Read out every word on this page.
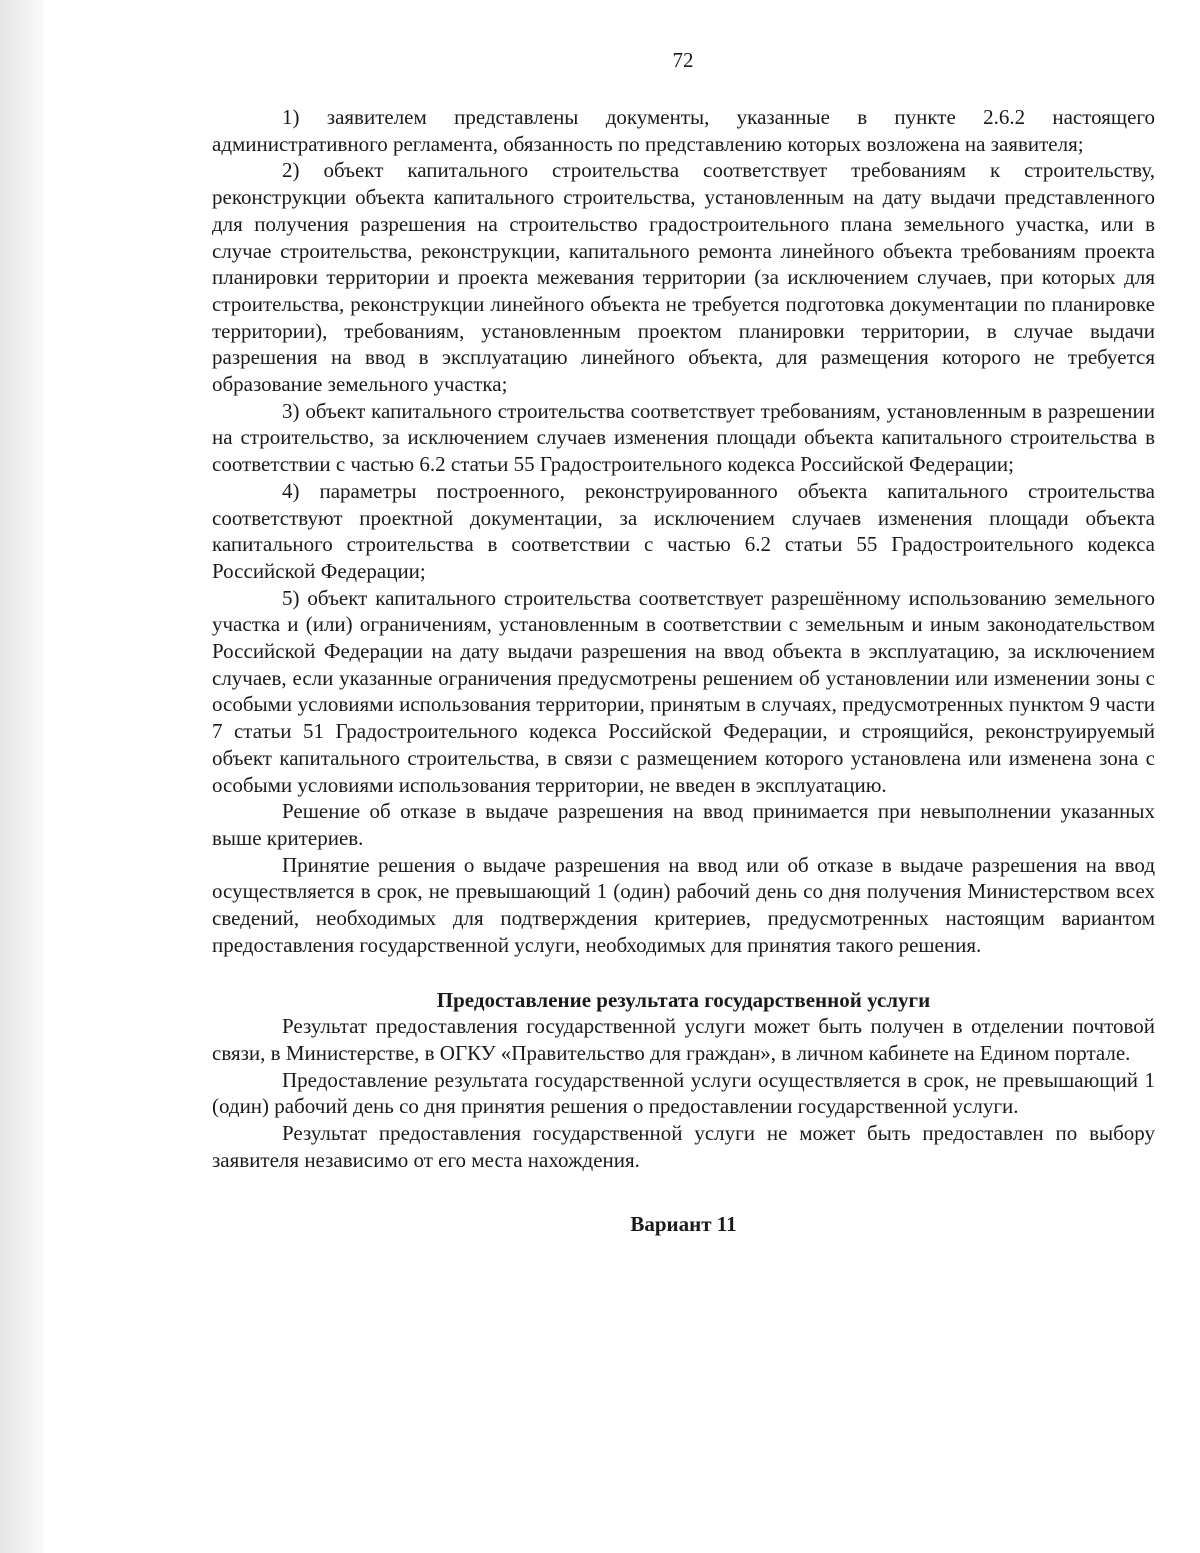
72

1) заявителем представлены документы, указанные в пункте 2.6.2 настоящего административного регламента, обязанность по представлению которых возложена на заявителя;

2) объект капитального строительства соответствует требованиям к строительству, реконструкции объекта капитального строительства, установленным на дату выдачи представленного для получения разрешения на строительство градостроительного плана земельного участка, или в случае строительства, реконструкции, капитального ремонта линейного объекта требованиям проекта планировки территории и проекта межевания территории (за исключением случаев, при которых для строительства, реконструкции линейного объекта не требуется подготовка документации по планировке территории), требованиям, установленным проектом планировки территории, в случае выдачи разрешения на ввод в эксплуатацию линейного объекта, для размещения которого не требуется образование земельного участка;

3) объект капитального строительства соответствует требованиям, установленным в разрешении на строительство, за исключением случаев изменения площади объекта капитального строительства в соответствии с частью 6.2 статьи 55 Градостроительного кодекса Российской Федерации;

4) параметры построенного, реконструированного объекта капитального строительства соответствуют проектной документации, за исключением случаев изменения площади объекта капитального строительства в соответствии с частью 6.2 статьи 55 Градостроительного кодекса Российской Федерации;

5) объект капитального строительства соответствует разрешённому использованию земельного участка и (или) ограничениям, установленным в соответствии с земельным и иным законодательством Российской Федерации на дату выдачи разрешения на ввод объекта в эксплуатацию, за исключением случаев, если указанные ограничения предусмотрены решением об установлении или изменении зоны с особыми условиями использования территории, принятым в случаях, предусмотренных пунктом 9 части 7 статьи 51 Градостроительного кодекса Российской Федерации, и строящийся, реконструируемый объект капитального строительства, в связи с размещением которого установлена или изменена зона с особыми условиями использования территории, не введен в эксплуатацию.

Решение об отказе в выдаче разрешения на ввод принимается при невыполнении указанных выше критериев.

Принятие решения о выдаче разрешения на ввод или об отказе в выдаче разрешения на ввод осуществляется в срок, не превышающий 1 (один) рабочий день со дня получения Министерством всех сведений, необходимых для подтверждения критериев, предусмотренных настоящим вариантом предоставления государственной услуги, необходимых для принятия такого решения.

Предоставление результата государственной услуги

Результат предоставления государственной услуги может быть получен в отделении почтовой связи, в Министерстве, в ОГКУ «Правительство для граждан», в личном кабинете на Едином портале.

Предоставление результата государственной услуги осуществляется в срок, не превышающий 1 (один) рабочий день со дня принятия решения о предоставлении государственной услуги.

Результат предоставления государственной услуги не может быть предоставлен по выбору заявителя независимо от его места нахождения.

Вариант 11
